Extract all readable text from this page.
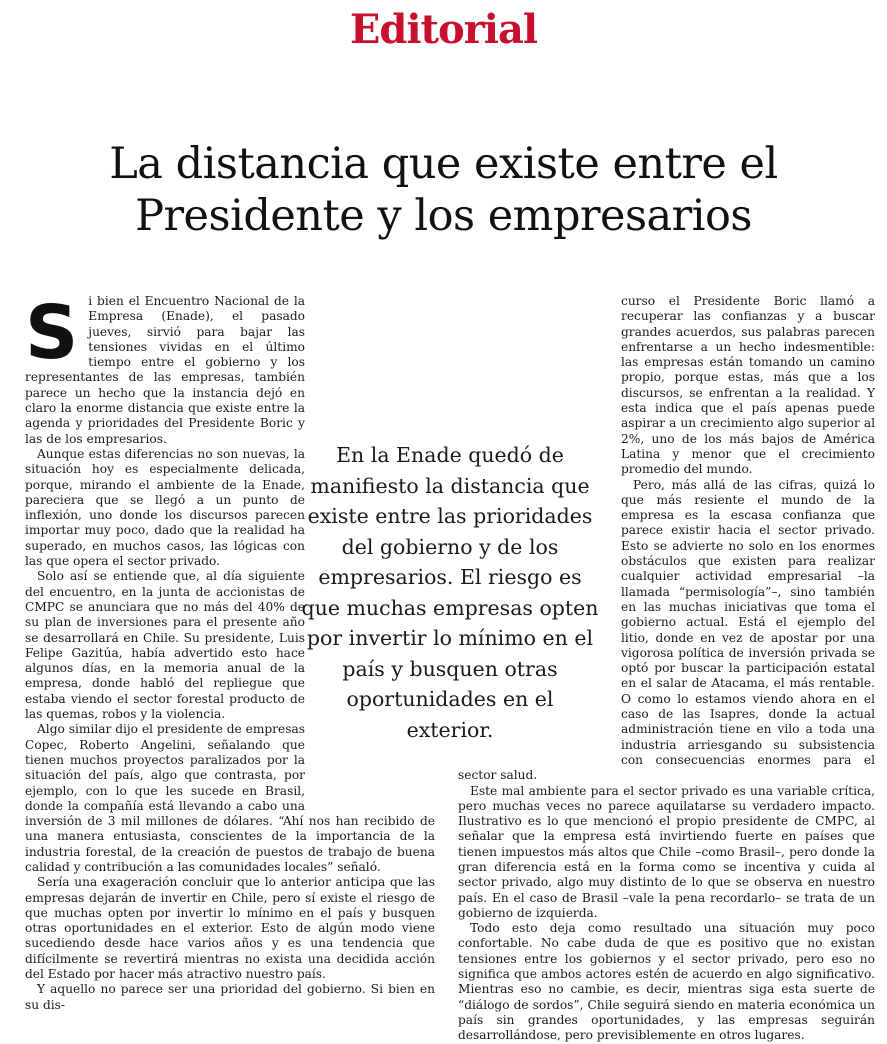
Editorial
La distancia que existe entre el Presidente y los empresarios
S i bien el Encuentro Nacional de la Empresa (Enade), el pasado jueves, sirvió para bajar las tensiones vividas en el último tiempo entre el gobierno y los representantes de las empresas, también parece un hecho que la instancia dejó en claro la enorme distancia que existe entre la agenda y prioridades del Presidente Boric y las de los empresarios.

Aunque estas diferencias no son nuevas, la situación hoy es especialmente delicada, porque, mirando el ambiente de la Enade, pareciera que se llegó a un punto de inflexión, uno donde los discursos parecen importar muy poco, dado que la realidad ha superado, en muchos casos, las lógicas con las que opera el sector privado.

Solo así se entiende que, al día siguiente del encuentro, en la junta de accionistas de CMPC se anunciara que no más del 40% de su plan de inversiones para el presente año se desarrollará en Chile. Su presidente, Luis Felipe Gazitúa, había advertido esto hace algunos días, en la memoria anual de la empresa, donde habló del repliegue que estaba viendo el sector forestal producto de las quemas, robos y la violencia.

Algo similar dijo el presidente de empresas Copec, Roberto Angelini, señalando que tienen muchos proyectos paralizados por la situación del país, algo que contrasta, por ejemplo, con lo que les sucede en Brasil, donde la compañía está llevando a cabo una inversión de 3 mil millones de dólares. “Ahí nos han recibido de una manera entusiasta, conscientes de la importancia de la industria forestal, de la creación de puestos de trabajo de buena calidad y contribución a las comunidades locales” señaló.

Sería una exageración concluir que lo anterior anticipa que las empresas dejarán de invertir en Chile, pero sí existe el riesgo de que muchas opten por invertir lo mínimo en el país y busquen otras oportunidades en el exterior. Esto de algún modo viene sucediendo desde hace varios años y es una tendencia que difícilmente se revertirá mientras no exista una decidida acción del Estado por hacer más atractivo nuestro país.

Y aquello no parece ser una prioridad del gobierno. Si bien en su dis-

curso el Presidente Boric llamó a recuperar las confianzas y a buscar grandes acuerdos, sus palabras parecen enfrentarse a un hecho indesmentible: las empresas están tomando un camino propio, porque estas, más que a los discursos, se enfrentan a la realidad. Y esta indica que el país apenas puede aspirar a un crecimiento algo superior al 2%, uno de los más bajos de América Latina y menor que el crecimiento promedio del mundo.

Pero, más allá de las cifras, quizá lo que más resiente el mundo de la empresa es la escasa confianza que parece existir hacia el sector privado. Esto se advierte no solo en los enormes obstáculos que existen para realizar cualquier actividad empresarial –la llamada “permisología”–, sino también en las muchas iniciativas que toma el gobierno actual. Está el ejemplo del litio, donde en vez de apostar por una vigorosa política de inversión privada se optó por buscar la participación estatal en el salar de Atacama, el más rentable. O como lo estamos viendo ahora en el caso de las Isapres, donde la actual administración tiene en vilo a toda una industria arriesgando su subsistencia con consecuencias enormes para el sector salud.

Este mal ambiente para el sector privado es una variable crítica, pero muchas veces no parece aquilatarse su verdadero impacto. Ilustrativo es lo que mencionó el propio presidente de CMPC, al señalar que la empresa está invirtiendo fuerte en países que tienen impuestos más altos que Chile –como Brasil–, pero donde la gran diferencia está en la forma como se incentiva y cuida al sector privado, algo muy distinto de lo que se observa en nuestro país. En el caso de Brasil –vale la pena recordarlo– se trata de un gobierno de izquierda.

Todo esto deja como resultado una situación muy poco confortable. No cabe duda de que es positivo que no existan tensiones entre los gobiernos y el sector privado, pero eso no significa que ambos actores estén de acuerdo en algo significativo. Mientras eso no cambie, es decir, mientras siga esta suerte de “diálogo de sordos”, Chile seguirá siendo en materia económica un país sin grandes oportunidades, y las empresas seguirán desarrollándose, pero previsiblemente en otros lugares.

En la Enade quedó de manifiesto la distancia que existe entre las prioridades del gobierno y de los empresarios. El riesgo es que muchas empresas opten por invertir lo mínimo en el país y busquen otras oportunidades en el exterior.
